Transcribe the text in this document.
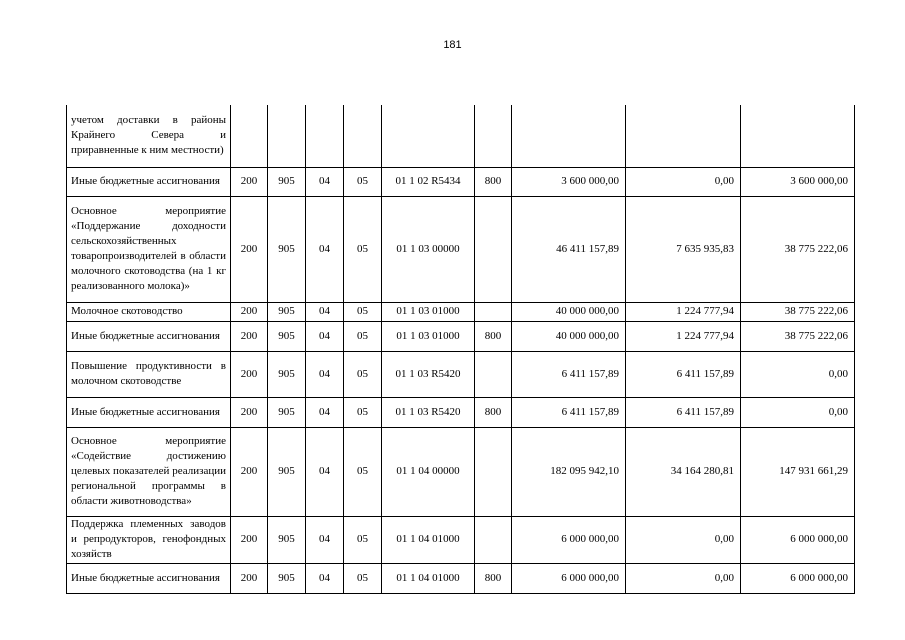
181
учетом доставки в районы Крайнего Севера и приравненные к ним местности)									
Иные бюджетные ассигнования	200	905	04	05	01 1 02 R5434	800	3 600 000,00	0,00	3 600 000,00
Основное мероприятие «Поддержание доходности сельскохозяйственных товаропроизводителей в области молочного скотоводства (на 1 кг реализованного молока)»	200	905	04	05	01 1 03 00000		46 411 157,89	7 635 935,83	38 775 222,06
Молочное скотоводство	200	905	04	05	01 1 03 01000		40 000 000,00	1 224 777,94	38 775 222,06
Иные бюджетные ассигнования	200	905	04	05	01 1 03 01000	800	40 000 000,00	1 224 777,94	38 775 222,06
Повышение продуктивности в молочном скотоводстве	200	905	04	05	01 1 03 R5420		6 411 157,89	6 411 157,89	0,00
Иные бюджетные ассигнования	200	905	04	05	01 1 03 R5420	800	6 411 157,89	6 411 157,89	0,00
Основное мероприятие «Содействие достижению целевых показателей реализации региональной программы в области животноводства»	200	905	04	05	01 1 04 00000		182 095 942,10	34 164 280,81	147 931 661,29
Поддержка племенных заводов и репродукторов, генофондных хозяйств	200	905	04	05	01 1 04 01000		6 000 000,00	0,00	6 000 000,00
Иные бюджетные ассигнования	200	905	04	05	01 1 04 01000	800	6 000 000,00	0,00	6 000 000,00
